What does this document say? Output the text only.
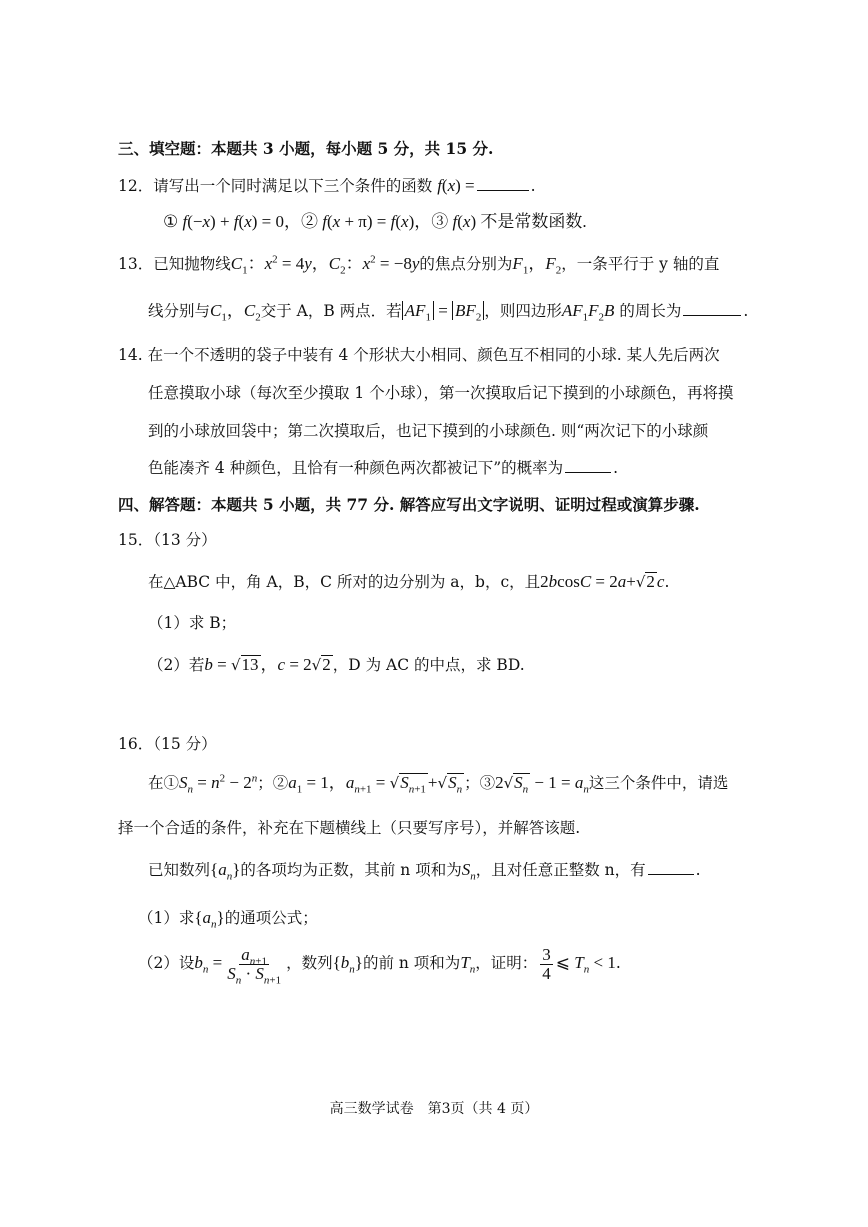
三、填空题：本题共 3 小题，每小题 5 分，共 15 分.
12．请写出一个同时满足以下三个条件的函数 f(x) =	.
① f(−x) + f(x) = 0，② f(x + π) = f(x)，③ f(x) 不是常数函数.
13．已知抛物线$C_1$：$x^2 = 4y$，$C_2$：$x^2 = -8y$的焦点分别为$F_1$，$F_2$，一条平行于 y 轴的直
线分别与$C_1$，$C_2$交于 A，B 两点．若 $AF_1 = BF_2$ ，则四边形$AF_1F_2B$ 的周长为	.
14. 在一个不透明的袋子中装有 4 个形状大小相同、颜色互不相同的小球. 某人先后两次
任意摸取小球（每次至少摸取 1 个小球），第一次摸取后记下摸到的小球颜色，再将摸
到的小球放回袋中；第二次摸取后，也记下摸到的小球颜色. 则“两次记下的小球颜
色能凑齐 4 种颜色，且恰有一种颜色两次都被记下”的概率为	.
四、解答题：本题共 5 小题，共 77 分. 解答应写出文字说明、证明过程或演算步骤.
15．（13 分）
在△ABC 中，角 A，B，C 所对的边分别为 a，b，c，且2bcosC = 2a+√2 c.
（1）求 B；
（2）若b = √13 ，c = 2√2 ，D 为 AC 的中点，求 BD.
16．（15 分）
在$①S_n = n^2 - 2^n$；$②a_1 = 1$，$a_{n+1} = √S_{n+1} +√S_n$ ；$③2√S_n - 1 = a_n$这三个条件中，请选
择一个合适的条件，补充在下题横线上（只要写序号），并解答该题.
已知数列$\{a_n\}$的各项均为正数，其前 n 项和为$S_n$，且对任意正整数 n，有	.
（1）求$\{a_n\}$的通项公式；
（2）设$b_n = \frac{a_{n+1}}{S_n \cdot S_{n+1}}$ ，数列$\{b_n\}$的前 n 项和为$T_n$，证明： $\frac{3}{4}$ ⩽ $T_n < 1$.
高三数学试卷　第3页（共 4 页）
